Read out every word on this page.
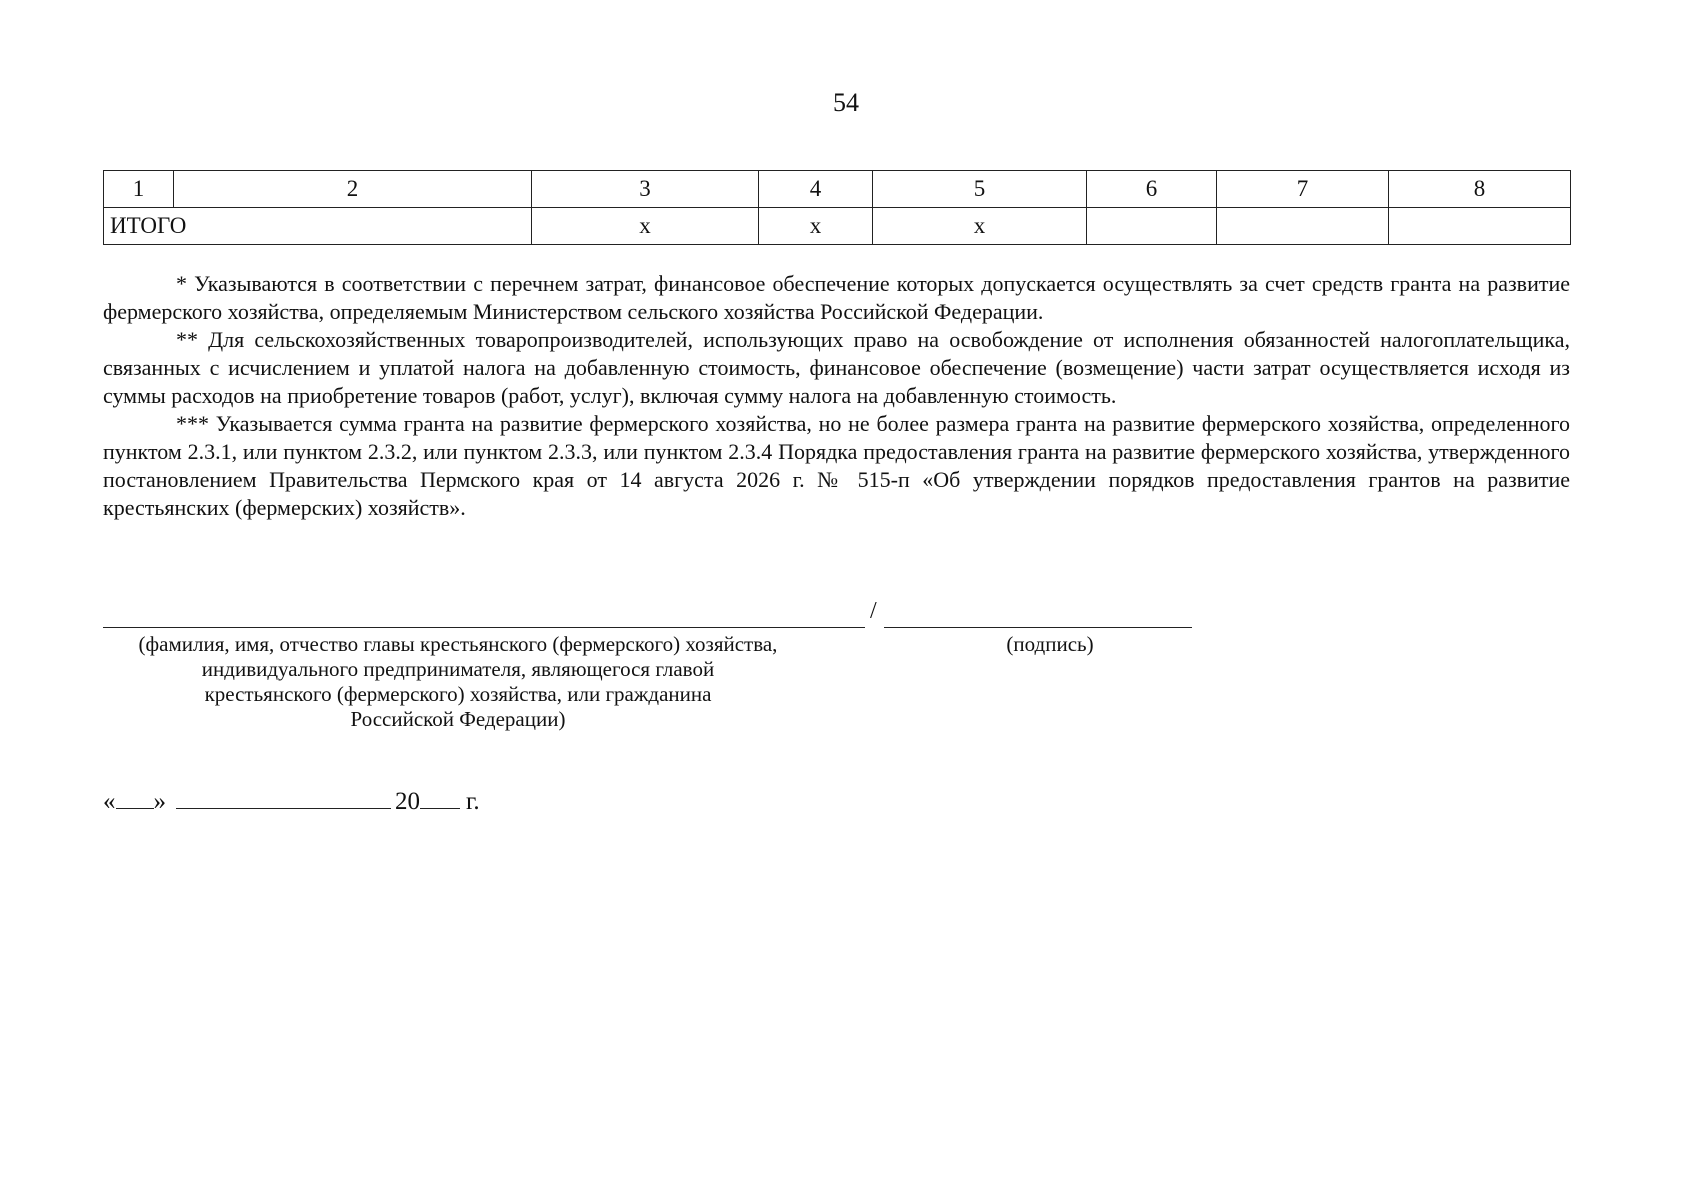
54
1	2	3	4	5	6	7	8
ИТОГО		x	x	x			

* Указываются в соответствии с перечнем затрат, финансовое обеспечение которых допускается осуществлять за счет средств гранта на развитие фермерского хозяйства, определяемым Министерством сельского хозяйства Российской Федерации.

** Для сельскохозяйственных товаропроизводителей, использующих право на освобождение от исполнения обязанностей налогоплательщика, связанных с исчислением и уплатой налога на добавленную стоимость, финансовое обеспечение (возмещение) части затрат осуществляется исходя из суммы расходов на приобретение товаров (работ, услуг), включая сумму налога на добавленную стоимость.

*** Указывается сумма гранта на развитие фермерского хозяйства, но не более размера гранта на развитие фермерского хозяйства, определенного пунктом 2.3.1, или пунктом 2.3.2, или пунктом 2.3.3, или пунктом 2.3.4 Порядка предоставления гранта на развитие фермерского хозяйства, утвержденного постановлением Правительства Пермского края от 14 августа 2026 г. № 515-п «Об утверждении порядков предоставления грантов на развитие крестьянских (фермерских) хозяйств».

/
(фамилия, имя, отчество главы крестьянского (фермерского) хозяйства,
индивидуального предпринимателя, являющегося главой
крестьянского (фермерского) хозяйства, или гражданина
Российской Федерации)
(подпись)
« »	20 г.
